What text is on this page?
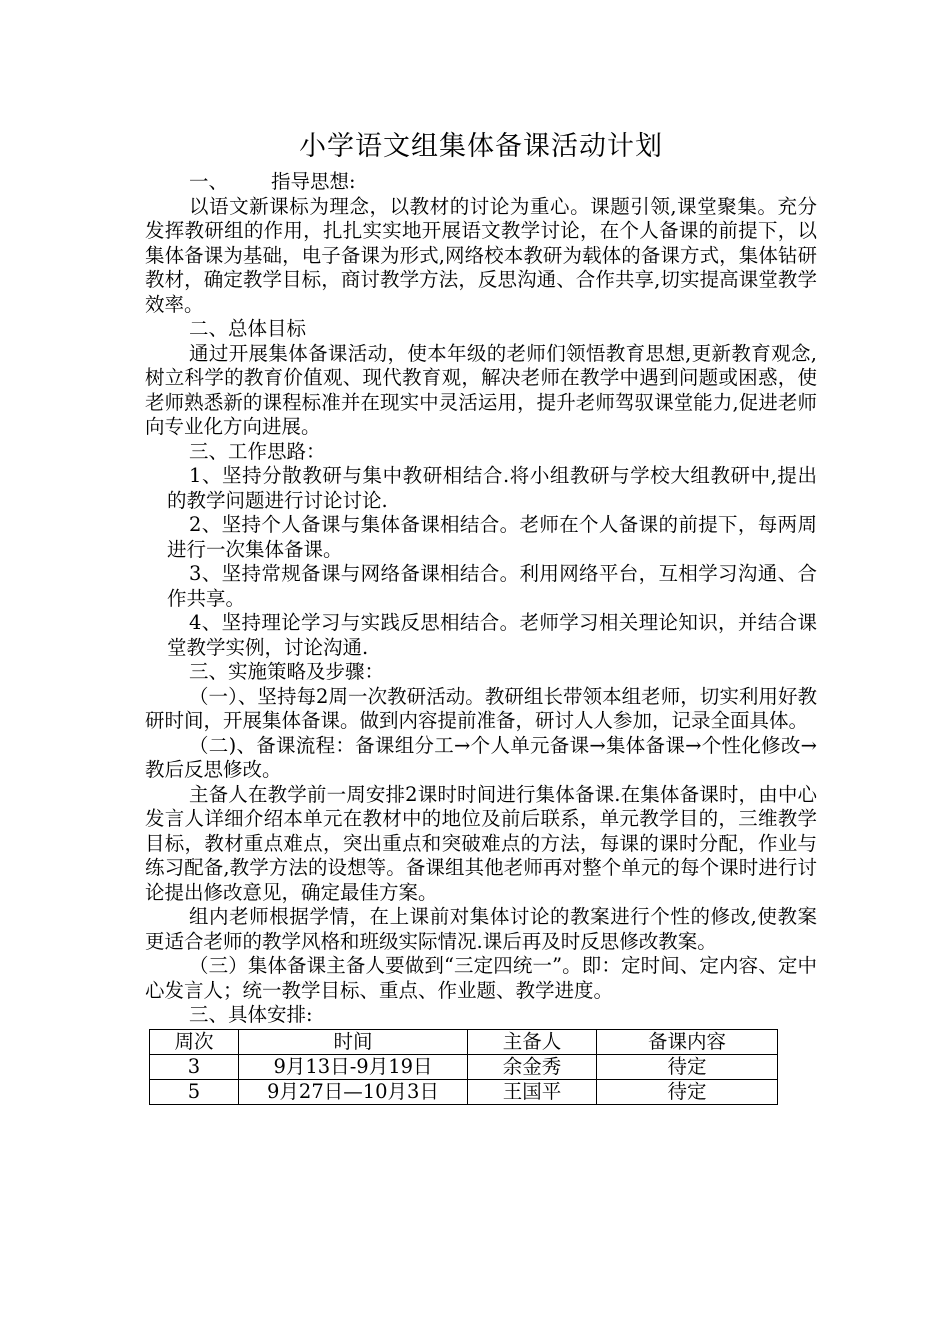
小学语文组集体备课活动计划
一、 指导思想:
以语文新课标为理念，以教材的讨论为重心。课题引领,课堂聚集。充分发挥教研组的作用，扎扎实实地开展语文教学讨论，在个人备课的前提下，以集体备课为基础，电子备课为形式,网络校本教研为载体的备课方式，集体钻研教材，确定教学目标，商讨教学方法，反思沟通、合作共享,切实提高课堂教学效率。
二、总体目标
通过开展集体备课活动，使本年级的老师们领悟教育思想,更新教育观念,树立科学的教育价值观、现代教育观，解决老师在教学中遇到问题或困惑，使老师熟悉新的课程标准并在现实中灵活运用，提升老师驾驭课堂能力,促进老师向专业化方向进展。
三、工作思路：
1、坚持分散教研与集中教研相结合.将小组教研与学校大组教研中,提出的教学问题进行讨论讨论.
2、坚持个人备课与集体备课相结合。老师在个人备课的前提下，每两周进行一次集体备课。
3、坚持常规备课与网络备课相结合。利用网络平台，互相学习沟通、合作共享。
4、坚持理论学习与实践反思相结合。老师学习相关理论知识，并结合课堂教学实例，讨论沟通.
三、实施策略及步骤：
（一）、坚持每2周一次教研活动。教研组长带领本组老师，切实利用好教研时间，开展集体备课。做到内容提前准备，研讨人人参加，记录全面具体。
（二)、备课流程：备课组分工→个人单元备课→集体备课→个性化修改→教后反思修改。
主备人在教学前一周安排2课时时间进行集体备课.在集体备课时，由中心发言人详细介绍本单元在教材中的地位及前后联系，单元教学目的，三维教学目标，教材重点难点，突出重点和突破难点的方法，每课的课时分配，作业与练习配备,教学方法的设想等。备课组其他老师再对整个单元的每个课时进行讨论提出修改意见，确定最佳方案。
组内老师根据学情，在上课前对集体讨论的教案进行个性的修改,使教案更适合老师的教学风格和班级实际情况.课后再及时反思修改教案。
（三）集体备课主备人要做到“三定四统一”。即：定时间、定内容、定中心发言人；统一教学目标、重点、作业题、教学进度。
三、具体安排:
周次	时间	主备人	备课内容
3	9月13日-9月19日	余金秀	待定
5	9月27日—10月3日	王国平	待定
